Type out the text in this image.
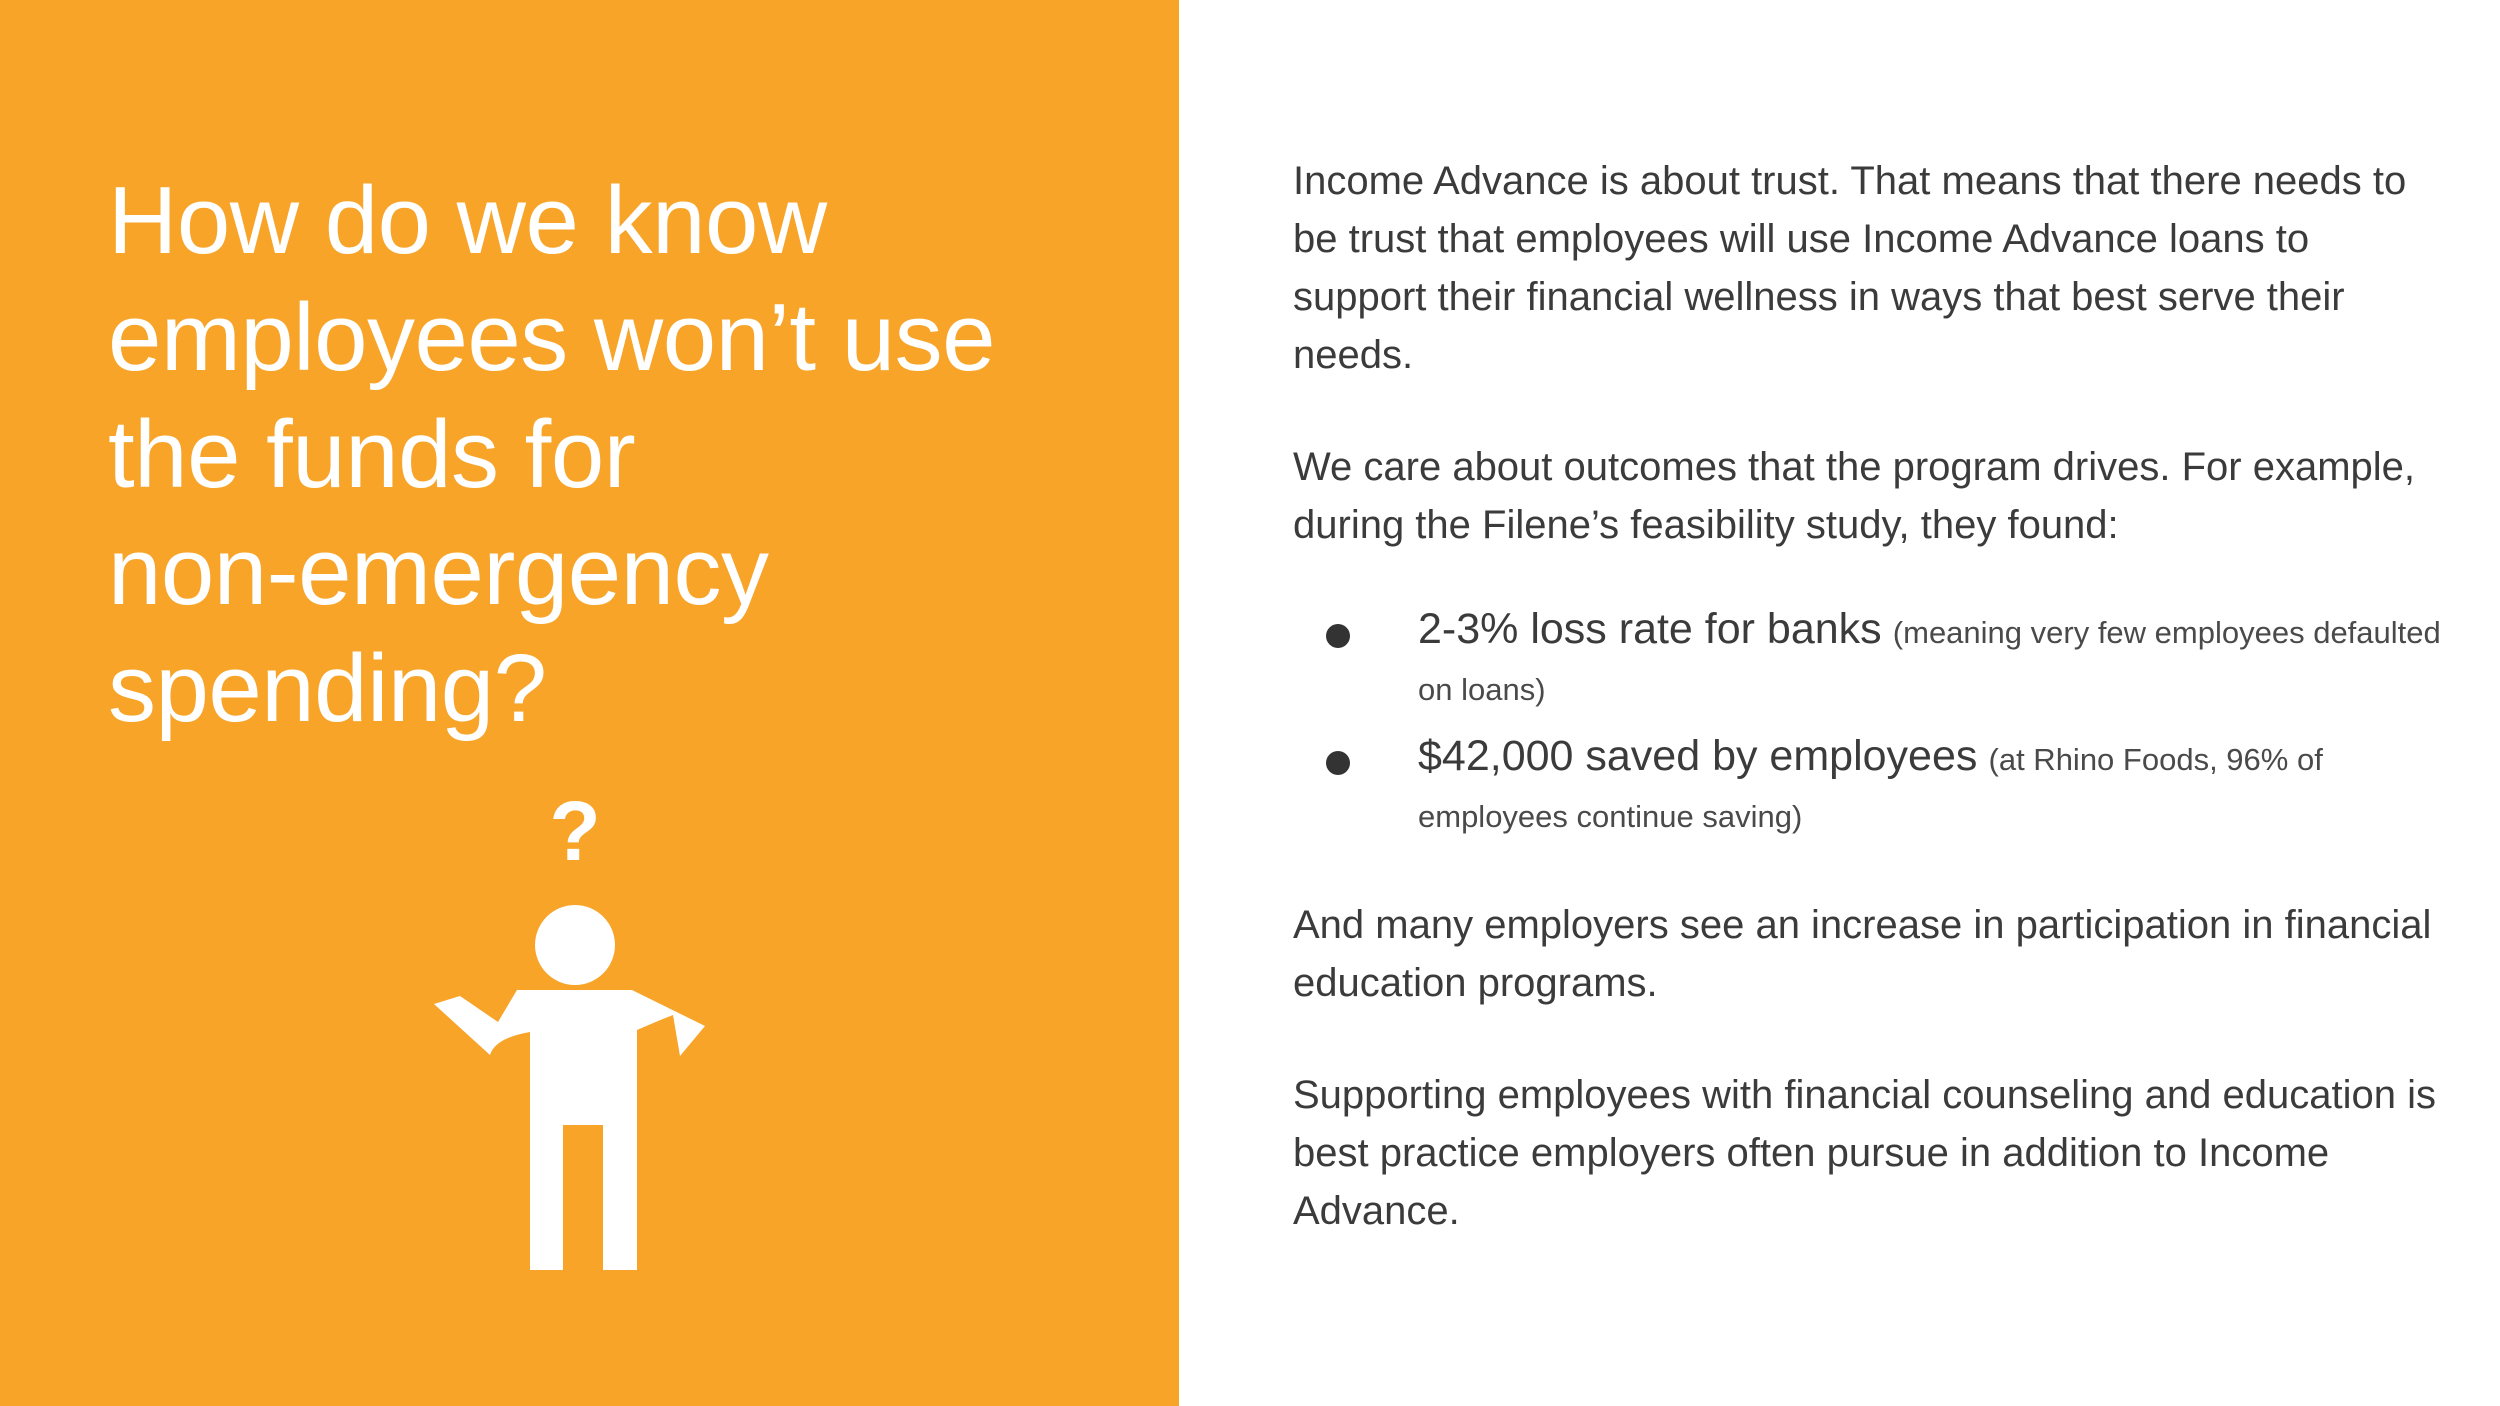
How do we know
employees won’t use
the funds for
non-emergency
spending?
?

Income Advance is about trust. That means that there needs to be trust that employees will use Income Advance loans to support their financial wellness in ways that best serve their needs.

We care about outcomes that the program drives. For example, during the Filene’s feasibility study, they found:

2-3% loss rate for banks (meaning very few employees defaulted on loans)
$42,000 saved by employees (at Rhino Foods, 96% of employees continue saving)

And many employers see an increase in participation in financial education programs.

Supporting employees with financial counseling and education is best practice employers often pursue in addition to Income Advance.
